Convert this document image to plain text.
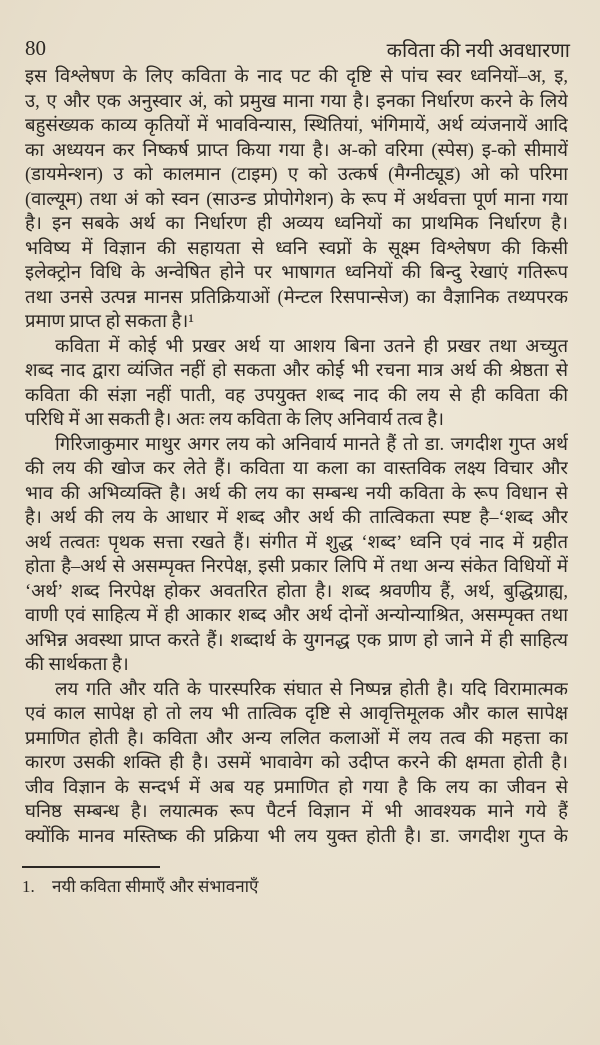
80	कविता की नयी अवधारणा
इस विश्लेषण के लिए कविता के नाद पट की दृष्टि से पांच स्वर ध्वनियों–अ, इ,
उ, ए और एक अनुस्वार अं, को प्रमुख माना गया है। इनका निर्धारण करने के लिये
बहुसंख्यक काव्य कृतियों में भावविन्यास, स्थितियां, भंगिमायें, अर्थ व्यंजनायें आदि
का अध्ययन कर निष्कर्ष प्राप्त किया गया है। अ-को वरिमा (स्पेस) इ-को सीमायें
(डायमेन्शन) उ को कालमान (टाइम) ए को उत्कर्ष (मैग्नीट्यूड) ओ को परिमा
(वाल्यूम) तथा अं को स्वन (साउन्ड प्रोपोगेशन) के रूप में अर्थवत्ता पूर्ण माना गया
है। इन सबके अर्थ का निर्धारण ही अव्यय ध्वनियों का प्राथमिक निर्धारण है।
भविष्य में विज्ञान की सहायता से ध्वनि स्वप्नों के सूक्ष्म विश्लेषण की किसी
इलेक्ट्रोन विधि के अन्वेषित होने पर भाषागत ध्वनियों की बिन्दु रेखाएं गतिरूप
तथा उनसे उत्पन्न मानस प्रतिक्रियाओं (मेन्टल रिसपान्सेज) का वैज्ञानिक तथ्यपरक
प्रमाण प्राप्त हो सकता है।¹
कविता में कोई भी प्रखर अर्थ या आशय बिना उतने ही प्रखर तथा अच्युत
शब्द नाद द्वारा व्यंजित नहीं हो सकता और कोई भी रचना मात्र अर्थ की श्रेष्ठता से
कविता की संज्ञा नहीं पाती, वह उपयुक्त शब्द नाद की लय से ही कविता की
परिधि में आ सकती है। अतः लय कविता के लिए अनिवार्य तत्व है।
गिरिजाकुमार माथुर अगर लय को अनिवार्य मानते हैं तो डा. जगदीश गुप्त अर्थ
की लय की खोज कर लेते हैं। कविता या कला का वास्तविक लक्ष्य विचार और
भाव की अभिव्यक्ति है। अर्थ की लय का सम्बन्ध नयी कविता के रूप विधान से
है। अर्थ की लय के आधार में शब्द और अर्थ की तात्विकता स्पष्ट है–‘शब्द और
अर्थ तत्वतः पृथक सत्ता रखते हैं। संगीत में शुद्ध ‘शब्द’ ध्वनि एवं नाद में ग्रहीत
होता है–अर्थ से असम्पृक्त निरपेक्ष, इसी प्रकार लिपि में तथा अन्य संकेत विधियों में
‘अर्थ’ शब्द निरपेक्ष होकर अवतरित होता है। शब्द श्रवणीय हैं, अर्थ, बुद्धिग्राह्य,
वाणी एवं साहित्य में ही आकार शब्द और अर्थ दोनों अन्योन्याश्रित, असम्पृक्त तथा
अभिन्न अवस्था प्राप्त करते हैं। शब्दार्थ के युगनद्ध एक प्राण हो जाने में ही साहित्य
की सार्थकता है।
लय गति और यति के पारस्परिक संघात से निष्पन्न होती है। यदि विरामात्मक
एवं काल सापेक्ष हो तो लय भी तात्विक दृष्टि से आवृत्तिमूलक और काल सापेक्ष
प्रमाणित होती है। कविता और अन्य ललित कलाओं में लय तत्व की महत्ता का
कारण उसकी शक्ति ही है। उसमें भावावेग को उदीप्त करने की क्षमता होती है।
जीव विज्ञान के सन्दर्भ में अब यह प्रमाणित हो गया है कि लय का जीवन से
घनिष्ठ सम्बन्ध है। लयात्मक रूप पैटर्न विज्ञान में भी आवश्यक माने गये हैं
क्योंकि मानव मस्तिष्क की प्रक्रिया भी लय युक्त होती है। डा. जगदीश गुप्त के
1. नयी कविता सीमाएँ और संभावनाएँ
